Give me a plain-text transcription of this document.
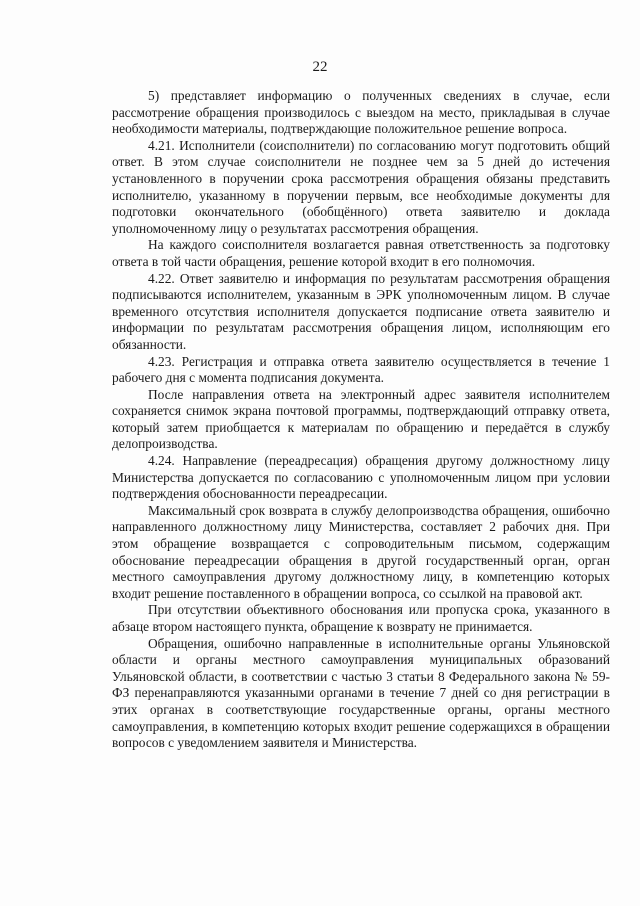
22

5) представляет информацию о полученных сведениях в случае, если рассмотрение обращения производилось с выездом на место, прикладывая в случае необходимости материалы, подтверждающие положительное решение вопроса.

4.21. Исполнители (соисполнители) по согласованию могут подготовить общий ответ. В этом случае соисполнители не позднее чем за 5 дней до истечения установленного в поручении срока рассмотрения обращения обязаны представить исполнителю, указанному в поручении первым, все необходимые документы для подготовки окончательного (обобщённого) ответа заявителю и доклада уполномоченному лицу о результатах рассмотрения обращения.

На каждого соисполнителя возлагается равная ответственность за подготовку ответа в той части обращения, решение которой входит в его полномочия.

4.22. Ответ заявителю и информация по результатам рассмотрения обращения подписываются исполнителем, указанным в ЭРК уполномоченным лицом. В случае временного отсутствия исполнителя допускается подписание ответа заявителю и информации по результатам рассмотрения обращения лицом, исполняющим его обязанности.

4.23. Регистрация и отправка ответа заявителю осуществляется в течение 1 рабочего дня с момента подписания документа.

После направления ответа на электронный адрес заявителя исполнителем сохраняется снимок экрана почтовой программы, подтверждающий отправку ответа, который затем приобщается к материалам по обращению и передаётся в службу делопроизводства.

4.24. Направление (переадресация) обращения другому должностному лицу Министерства допускается по согласованию с уполномоченным лицом при условии подтверждения обоснованности переадресации.

Максимальный срок возврата в службу делопроизводства обращения, ошибочно направленного должностному лицу Министерства, составляет 2 рабочих дня. При этом обращение возвращается с сопроводительным письмом, содержащим обоснование переадресации обращения в другой государственный орган, орган местного самоуправления другому должностному лицу, в компетенцию которых входит решение поставленного в обращении вопроса, со ссылкой на правовой акт.

При отсутствии объективного обоснования или пропуска срока, указанного в абзаце втором настоящего пункта, обращение к возврату не принимается.

Обращения, ошибочно направленные в исполнительные органы Ульяновской области и органы местного самоуправления муниципальных образований Ульяновской области, в соответствии с частью 3 статьи 8 Федерального закона № 59-ФЗ перенаправляются указанными органами в течение 7 дней со дня регистрации в этих органах в соответствующие государственные органы, органы местного самоуправления, в компетенцию которых входит решение содержащихся в обращении вопросов с уведомлением заявителя и Министерства.
